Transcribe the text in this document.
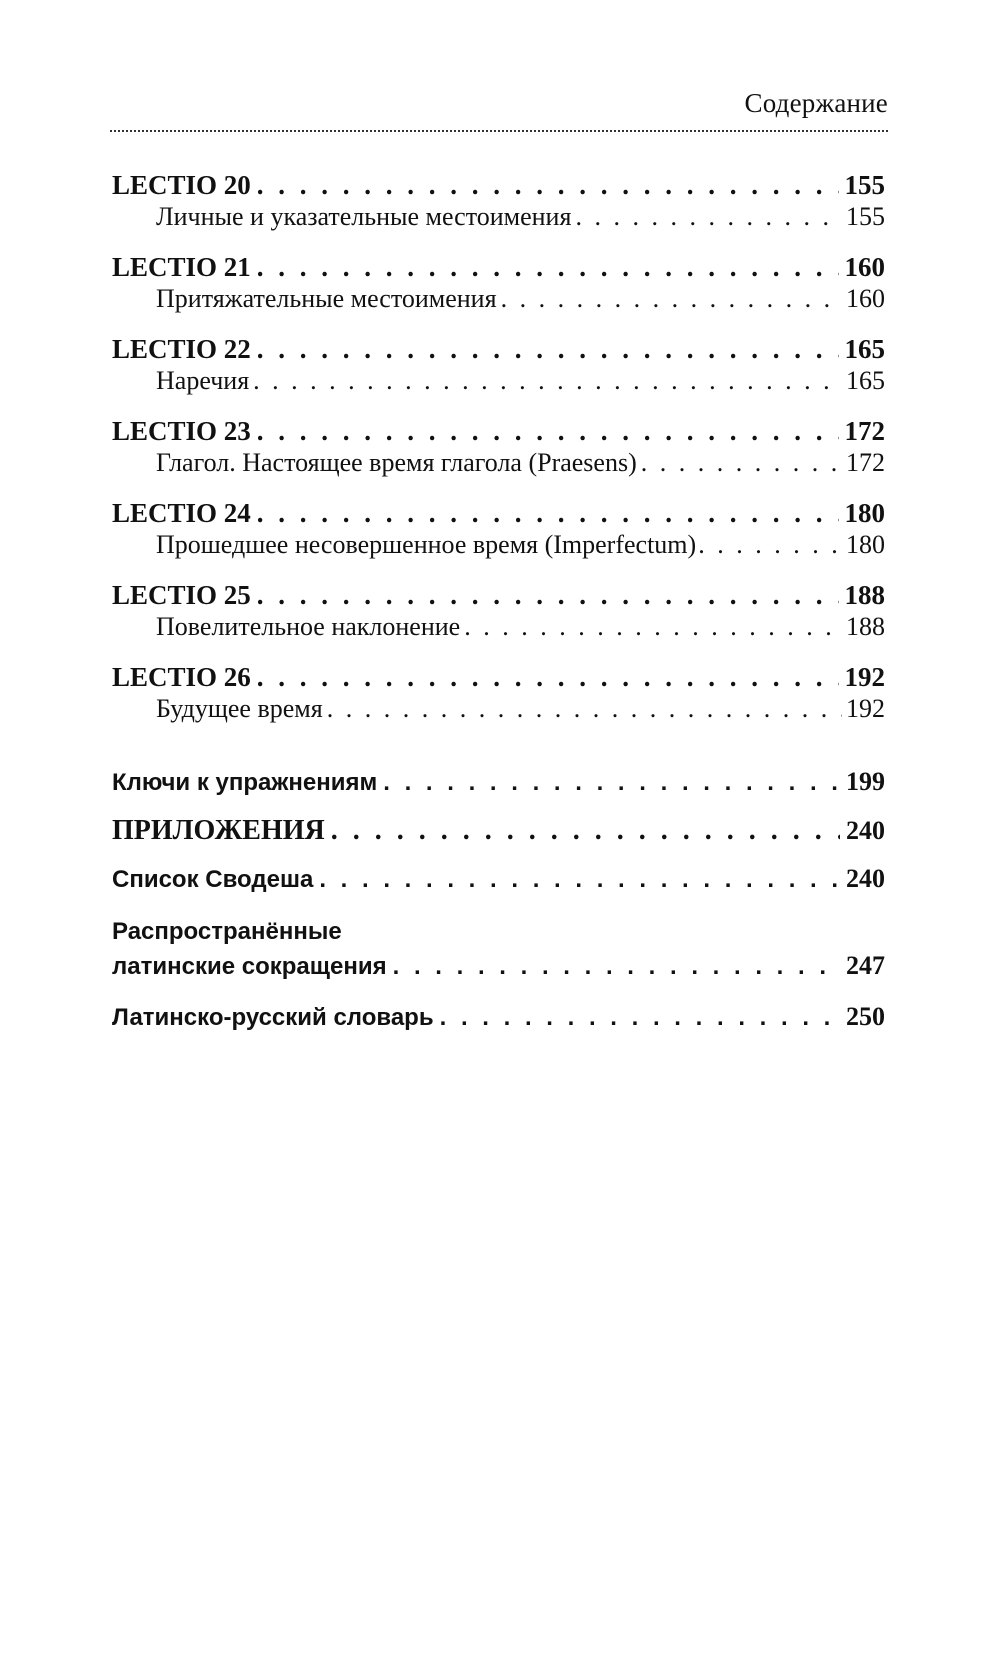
Содержание
LECTIO 20 . . .	155
Личные и указательные местоимения . . .	155
LECTIO 21 . . .	160
Притяжательные местоимения . . .	160
LECTIO 22 . . .	165
Наречия . . .	165
LECTIO 23 . . .	172
Глагол. Настоящее время глагола (Praesens) . . .	172
LECTIO 24 . . .	180
Прошедшее несовершенное время (Imperfectum) . . .	180
LECTIO 25 . . .	188
Повелительное наклонение . . .	188
LECTIO 26 . . .	192
Будущее время . . .	192
Ключи к упражнениям . . .	199
ПРИЛОЖЕНИЯ . . .	240
Список Сводеша . . .	240
Распространённые
латинские сокращения . . .	247
Латинско-русский словарь . . .	250
